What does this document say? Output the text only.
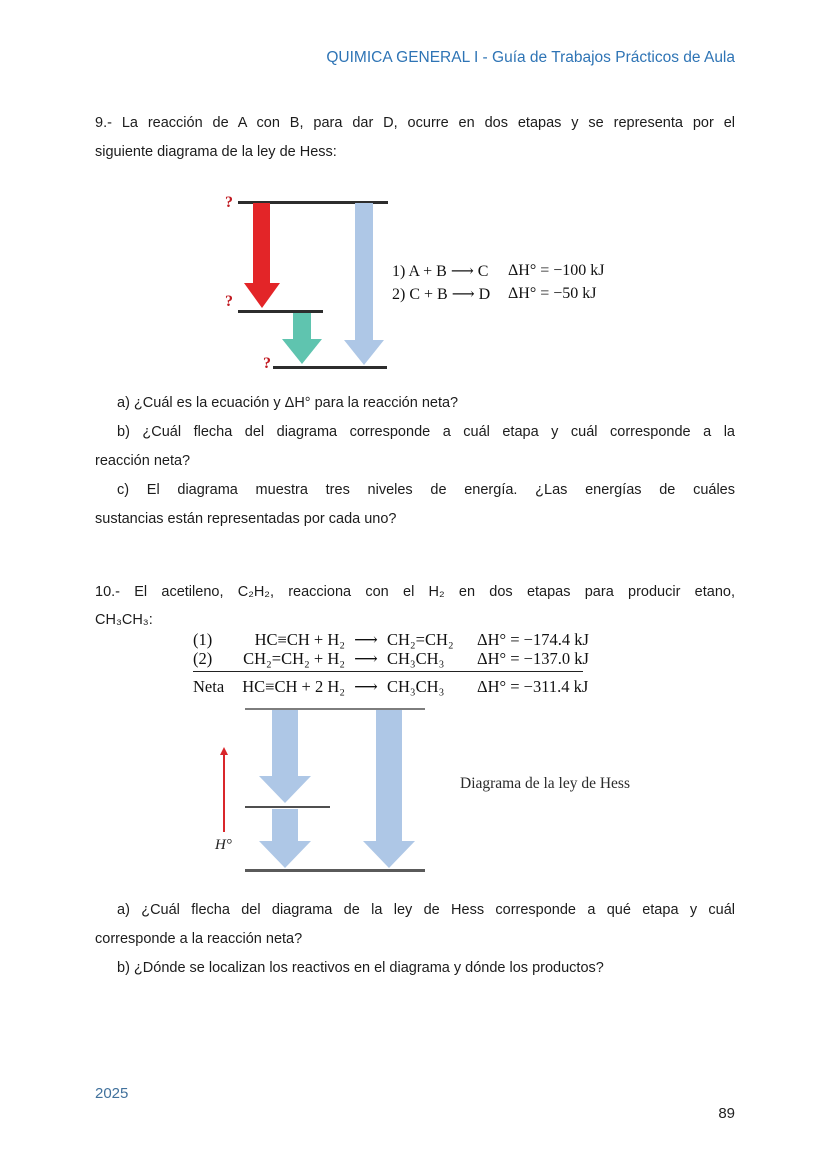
QUIMICA GENERAL I - Guía de Trabajos Prácticos de Aula

9.- La reacción de A con B, para dar D, ocurre en dos etapas y se representa por el
siguiente diagrama de la ley de Hess:

?
?
?
1) A + B ⟶ C	ΔH° = −100 kJ
2) C + B ⟶ D	ΔH° = −50 kJ

a) ¿Cuál es la ecuación y ΔH° para la reacción neta?

b) ¿Cuál flecha del diagrama corresponde a cuál etapa y cuál corresponde a la
reacción neta?

c) El diagrama muestra tres niveles de energía. ¿Las energías de cuáles
sustancias están representadas por cada uno?

10.- El acetileno, C₂H₂, reacciona con el H₂ en dos etapas para producir etano,
CH₃CH₃:

(1)	HC≡CH + H₂ ⟶ CH₂=CH₂	ΔH° = −174.4 kJ
(2)	CH₂=CH₂ + H₂ ⟶ CH₃CH₃	ΔH° = −137.0 kJ
Neta	HC≡CH + 2 H₂ ⟶ CH₃CH₃	ΔH° = −311.4 kJ
H°
Diagrama de la ley de Hess

a) ¿Cuál flecha del diagrama de la ley de Hess corresponde a qué etapa y cuál
corresponde a la reacción neta?

b) ¿Dónde se localizan los reactivos en el diagrama y dónde los productos?

2025
89
